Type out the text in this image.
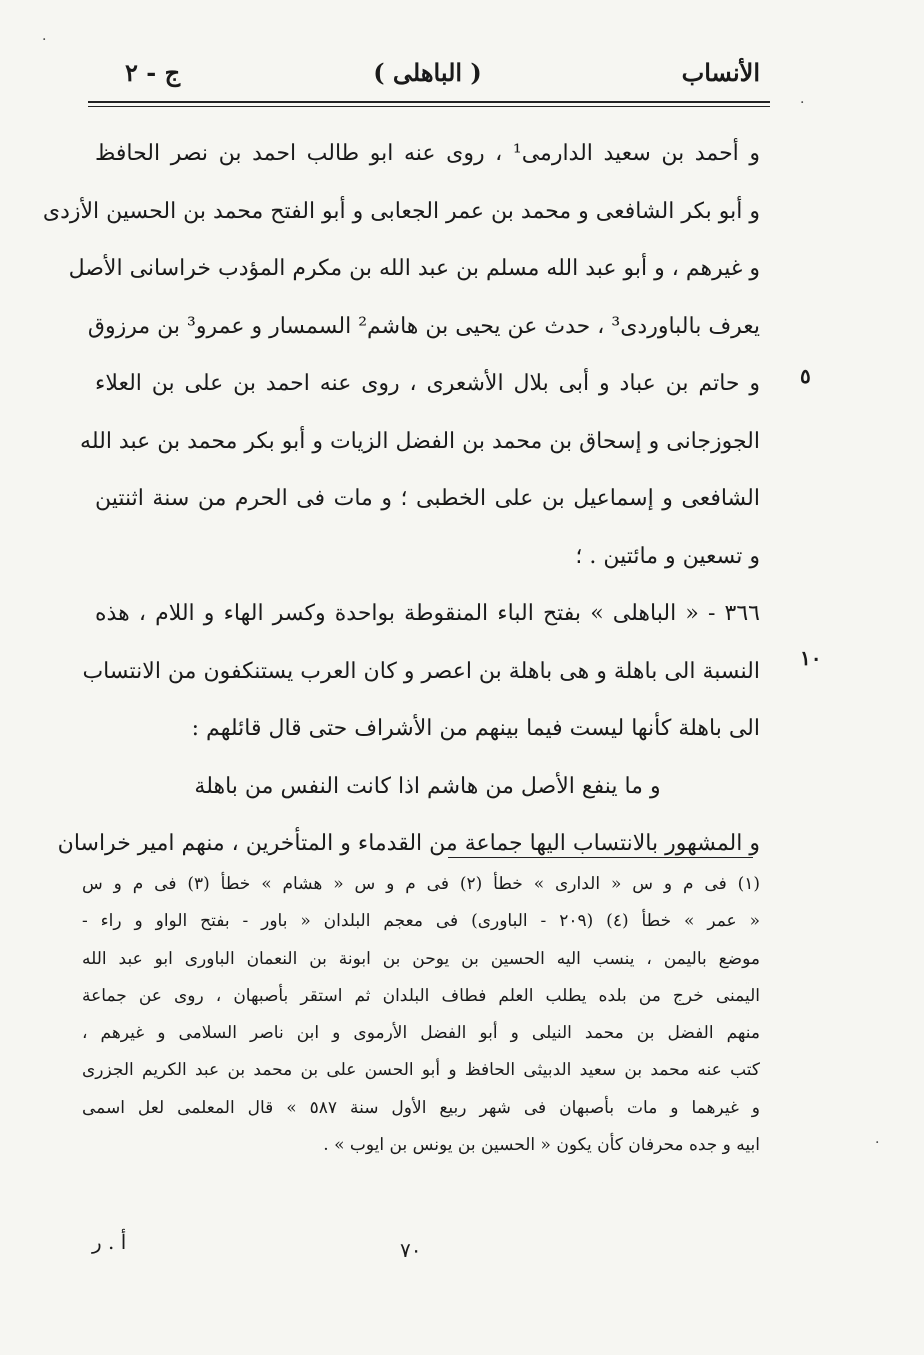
الأنساب
( الباهلى )
ج - ٢
و أحمد بن سعيد الدارمى¹ ، روى عنه ابو طالب احمد بن نصر الحافظ
و أبو بكر الشافعى و محمد بن عمر الجعابى و أبو الفتح محمد بن الحسين الأزدى
و غيرهم ، و أبو عبد الله مسلم بن عبد الله بن مكرم المؤدب خراسانى الأصل
يعرف بالباوردى³ ، حدث عن يحيى بن هاشم² السمسار و عمرو³ بن مرزوق
و حاتم بن عباد و أبى بلال الأشعرى ، روى عنه احمد بن على بن العلاء
الجوزجانى و إسحاق بن محمد بن الفضل الزيات و أبو بكر محمد بن عبد الله
الشافعى و إسماعيل بن على الخطبى ؛ و مات فى الحرم من سنة اثنتين
و تسعين و مائتين . ؛
٣٦٦ - « الباهلى » بفتح الباء المنقوطة بواحدة وكسر الهاء و اللام ، هذه
النسبة الى باهلة و هى باهلة بن اعصر و كان العرب يستنكفون من الانتساب
الى باهلة كأنها ليست فيما بينهم من الأشراف حتى قال قائلهم :
و ما ينفع الأصل من هاشم اذا كانت النفس من باهلة
و المشهور بالانتساب اليها جماعة من القدماء و المتأخرين ، منهم امير خراسان
٥
١٠
(١) فى م و س « الدارى » خطأ (٢) فى م و س « هشام » خطأ (٣) فى م و س
« عمر » خطأ (٤) (٢٠٩ - الباورى) فى معجم البلدان « باور - بفتح الواو و راء -
موضع باليمن ، ينسب اليه الحسين بن يوحن بن ابونة بن النعمان الباورى ابو عبد الله
اليمنى خرج من بلده يطلب العلم فطاف البلدان ثم استقر بأصبهان ، روى عن جماعة
منهم الفضل بن محمد النيلى و أبو الفضل الأرموى و ابن ناصر السلامى و غيرهم ،
كتب عنه محمد بن سعيد الدبيثى الحافظ و أبو الحسن على بن محمد بن عبد الكريم الجزرى
و غيرهما و مات بأصبهان فى شهر ربيع الأول سنة ٥٨٧ » قال المعلمى لعل اسمى
ابيه و جده محرفان كأن يكون « الحسين بن يونس بن ايوب » .
٧٠
أ . ر
·
·
·
